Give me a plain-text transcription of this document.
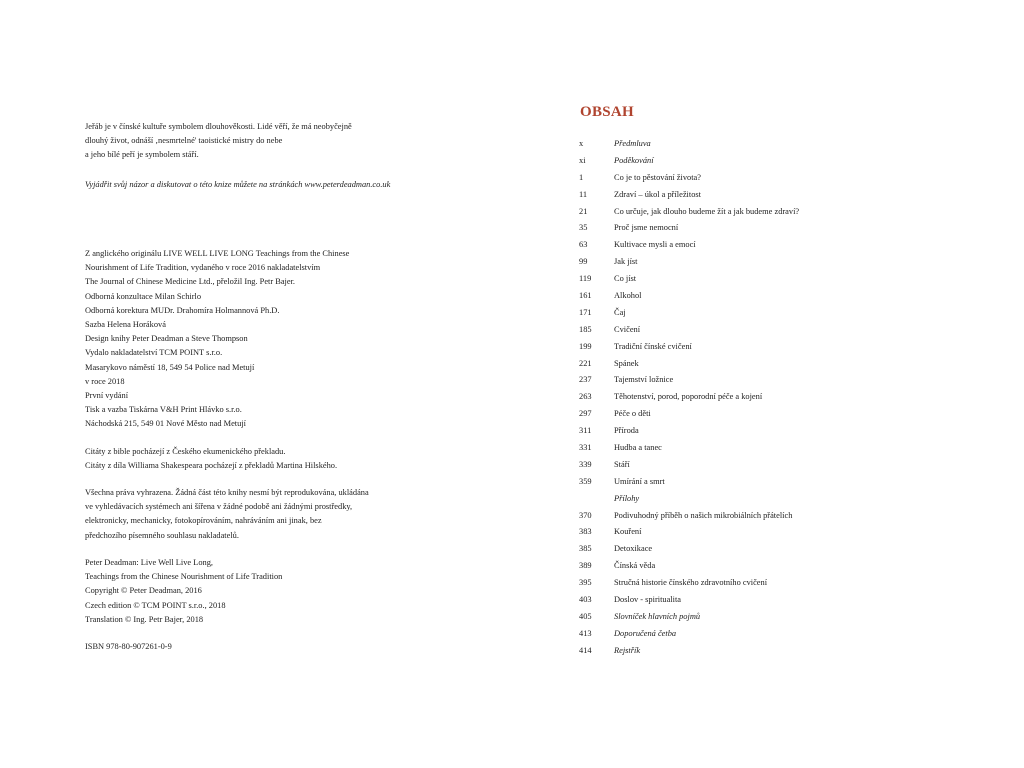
Jeřáb je v čínské kultuře symbolem dlouhověkosti. Lidé věří, že má neobyčejně
dlouhý život, odnáší ‚nesmrtelné' taoistické mistry do nebe
a jeho bílé peří je symbolem stáří.
Vyjádřit svůj názor a diskutovat o této knize můžete na stránkách www.peterdeadman.co.uk
Z anglického originálu LIVE WELL LIVE LONG Teachings from the Chinese
Nourishment of Life Tradition, vydaného v roce 2016 nakladatelstvím
The Journal of Chinese Medicine Ltd., přeložil Ing. Petr Bajer.
Odborná konzultace Milan Schirlo
Odborná korektura MUDr. Drahomíra Holmannová Ph.D.
Sazba Helena Horáková
Design knihy Peter Deadman a Steve Thompson
Vydalo nakladatelství TCM POINT s.r.o.
Masarykovo náměstí 18, 549 54 Police nad Metují
v roce 2018
První vydání
Tisk a vazba Tiskárna V&H Print Hlávko s.r.o.
Náchodská 215, 549 01 Nové Město nad Metují
Citáty z bible pocházejí z Českého ekumenického překladu.
Citáty z díla Williama Shakespeara pocházejí z překladů Martina Hilského.
Všechna práva vyhrazena. Žádná část této knihy nesmí být reprodukována, ukládána
ve vyhledávacích systémech ani šířena v žádné podobě ani žádnými prostředky,
elektronicky, mechanicky, fotokopírováním, nahráváním ani jinak, bez
předchozího písemného souhlasu nakladatelů.
Peter Deadman: Live Well Live Long,
Teachings from the Chinese Nourishment of Life Tradition
Copyright © Peter Deadman, 2016
Czech edition © TCM POINT s.r.o., 2018
Translation © Ing. Petr Bajer, 2018
ISBN 978-80-907261-0-9
OBSAH
x	Předmluva
xi	Poděkování
1	Co je to pěstování života?
11	Zdraví – úkol a příležitost
21	Co určuje, jak dlouho budeme žít a jak budeme zdraví?
35	Proč jsme nemocní
63	Kultivace mysli a emocí
99	Jak jíst
119	Co jíst
161	Alkohol
171	Čaj
185	Cvičení
199	Tradiční čínské cvičení
221	Spánek
237	Tajemství ložnice
263	Těhotenství, porod, poporodní péče a kojení
297	Péče o děti
311	Příroda
331	Hudba a tanec
339	Stáří
359	Umírání a smrt
Přílohy
370	Podivuhodný příběh o našich mikrobiálních přátelích
383	Kouření
385	Detoxikace
389	Čínská věda
395	Stručná historie čínského zdravotního cvičení
403	Doslov - spiritualita
405	Slovníček hlavních pojmů
413	Doporučená četba
414	Rejstřík
